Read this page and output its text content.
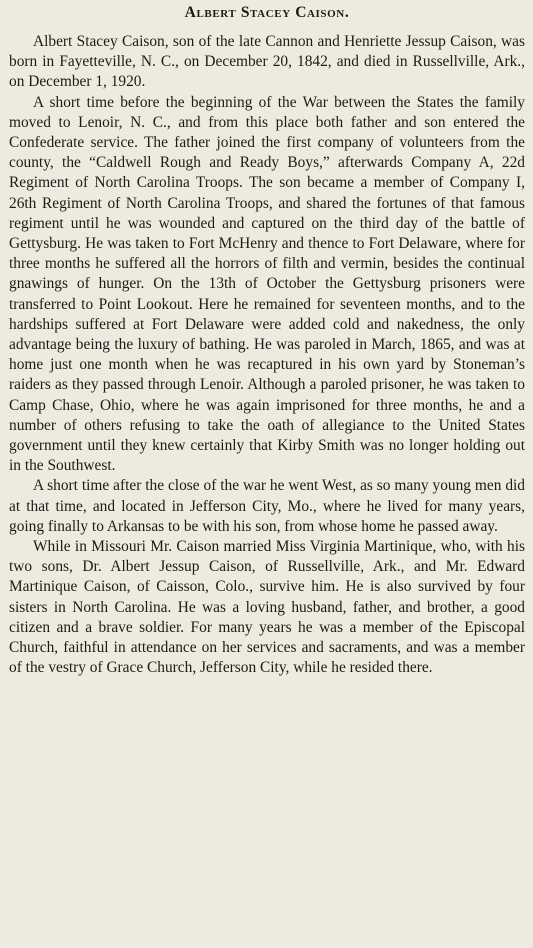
Albert Stacey Caison.

Albert Stacey Caison, son of the late Cannon and Henriette Jessup Caison, was born in Fayetteville, N. C., on December 20, 1842, and died in Russellville, Ark., on December 1, 1920.

A short time before the beginning of the War between the States the family moved to Lenoir, N. C., and from this place both father and son entered the Confederate service. The father joined the first company of volunteers from the county, the “Caldwell Rough and Ready Boys,” afterwards Company A, 22d Regiment of North Carolina Troops. The son became a member of Company I, 26th Regiment of North Carolina Troops, and shared the fortunes of that famous regiment until he was wounded and captured on the third day of the battle of Gettysburg. He was taken to Fort McHenry and thence to Fort Delaware, where for three months he suffered all the horrors of filth and vermin, besides the continual gnawings of hunger. On the 13th of October the Gettysburg prisoners were transferred to Point Lookout. Here he remained for seventeen months, and to the hardships suffered at Fort Delaware were added cold and nakedness, the only advantage being the luxury of bathing. He was paroled in March, 1865, and was at home just one month when he was recaptured in his own yard by Stoneman’s raiders as they passed through Lenoir. Although a paroled prisoner, he was taken to Camp Chase, Ohio, where he was again imprisoned for three months, he and a number of others refusing to take the oath of allegiance to the United States government until they knew certainly that Kirby Smith was no longer holding out in the Southwest.

A short time after the close of the war he went West, as so many young men did at that time, and located in Jefferson City, Mo., where he lived for many years, going finally to Arkansas to be with his son, from whose home he passed away.

While in Missouri Mr. Caison married Miss Virginia Martinique, who, with his two sons, Dr. Albert Jessup Caison, of Russellville, Ark., and Mr. Edward Martinique Caison, of Caisson, Colo., survive him. He is also survived by four sisters in North Carolina. He was a loving husband, father, and brother, a good citizen and a brave soldier. For many years he was a member of the Episcopal Church, faithful in attendance on her services and sacraments, and was a member of the vestry of Grace Church, Jefferson City, while he resided there.
